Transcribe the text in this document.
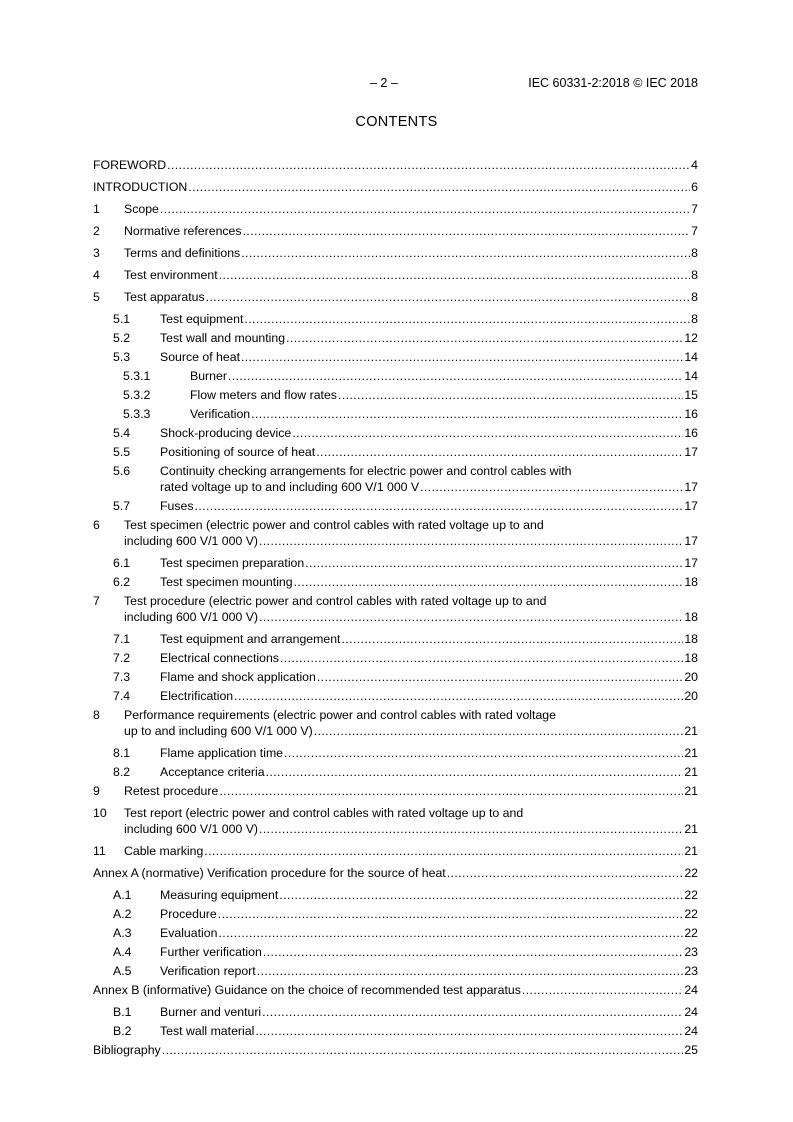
– 2 –	IEC 60331-2:2018 © IEC 2018
CONTENTS
FOREWORD .....	4
INTRODUCTION .....	6
1	Scope .....	7
2	Normative references .....	7
3	Terms and definitions .....	8
4	Test environment .....	8
5	Test apparatus .....	8
5.1	Test equipment .....	8
5.2	Test wall and mounting .....	12
5.3	Source of heat .....	14
5.3.1	Burner .....	14
5.3.2	Flow meters and flow rates .....	15
5.3.3	Verification .....	16
5.4	Shock-producing device .....	16
5.5	Positioning of source of heat .....	17
5.6	Continuity checking arrangements for electric power and control cables with
rated voltage up to and including 600 V/1 000 V .....	17
5.7	Fuses .....	17
6	Test specimen (electric power and control cables with rated voltage up to and
including 600 V/1 000 V) .....	17
6.1	Test specimen preparation .....	17
6.2	Test specimen mounting .....	18
7	Test procedure (electric power and control cables with rated voltage up to and
including 600 V/1 000 V) .....	18
7.1	Test equipment and arrangement .....	18
7.2	Electrical connections .....	18
7.3	Flame and shock application .....	20
7.4	Electrification .....	20
8	Performance requirements (electric power and control cables with rated voltage
up to and including 600 V/1 000 V) .....	21
8.1	Flame application time .....	21
8.2	Acceptance criteria .....	21
9	Retest procedure .....	21
10	Test report (electric power and control cables with rated voltage up to and
including 600 V/1 000 V) .....	21
11	Cable marking .....	21
Annex A (normative) Verification procedure for the source of heat .....	22
A.1	Measuring equipment .....	22
A.2	Procedure .....	22
A.3	Evaluation .....	22
A.4	Further verification .....	23
A.5	Verification report .....	23
Annex B (informative) Guidance on the choice of recommended test apparatus .....	24
B.1	Burner and venturi .....	24
B.2	Test wall material .....	24
Bibliography .....	25
